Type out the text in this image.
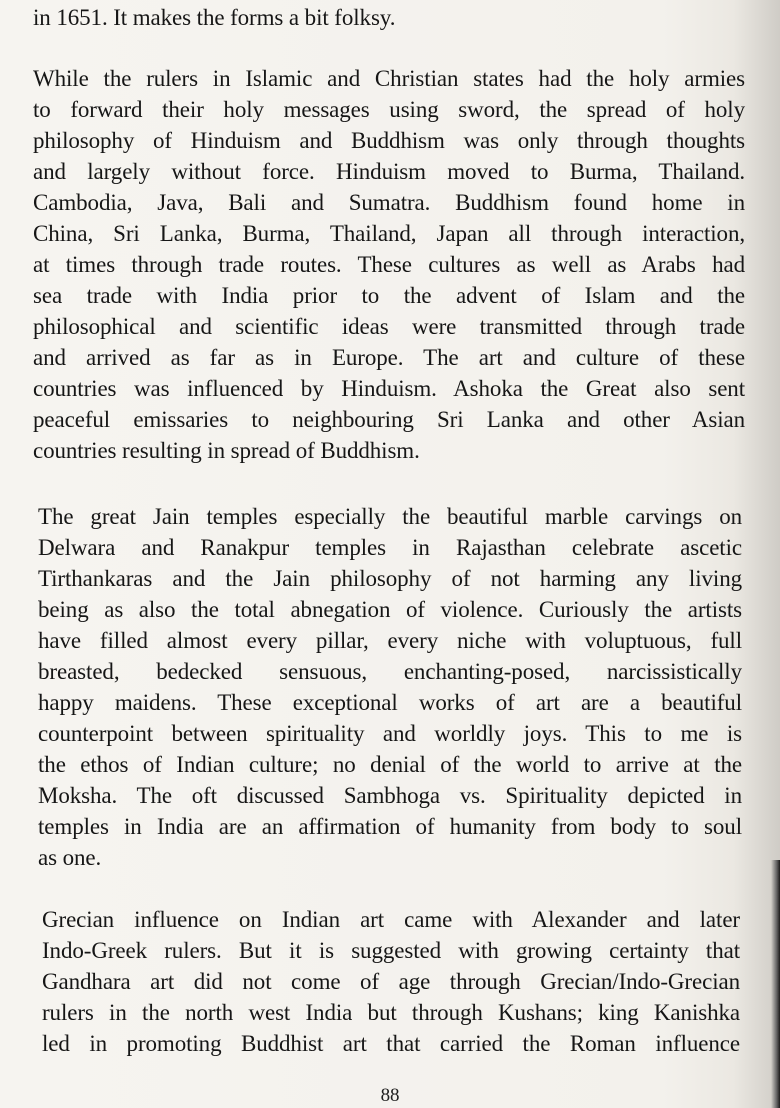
in 1651. It makes the forms a bit folksy.
While the rulers in Islamic and Christian states had the holy armies
to forward their holy messages using sword, the spread of holy
philosophy of Hinduism and Buddhism was only through thoughts
and largely without force. Hinduism moved to Burma, Thailand.
Cambodia, Java, Bali and Sumatra. Buddhism found home in
China, Sri Lanka, Burma, Thailand, Japan all through interaction,
at times through trade routes. These cultures as well as Arabs had
sea trade with India prior to the advent of Islam and the
philosophical and scientific ideas were transmitted through trade
and arrived as far as in Europe. The art and culture of these
countries was influenced by Hinduism. Ashoka the Great also sent
peaceful emissaries to neighbouring Sri Lanka and other Asian
countries resulting in spread of Buddhism.
The great Jain temples especially the beautiful marble carvings on
Delwara and Ranakpur temples in Rajasthan celebrate ascetic
Tirthankaras and the Jain philosophy of not harming any living
being as also the total abnegation of violence. Curiously the artists
have filled almost every pillar, every niche with voluptuous, full
breasted, bedecked sensuous, enchanting-posed, narcissistically
happy maidens. These exceptional works of art are a beautiful
counterpoint between spirituality and worldly joys. This to me is
the ethos of Indian culture; no denial of the world to arrive at the
Moksha. The oft discussed Sambhoga vs. Spirituality depicted in
temples in India are an affirmation of humanity from body to soul
as one.
Grecian influence on Indian art came with Alexander and later
Indo-Greek rulers. But it is suggested with growing certainty that
Gandhara art did not come of age through Grecian/Indo-Grecian
rulers in the north west India but through Kushans; king Kanishka
led in promoting Buddhist art that carried the Roman influence
88
